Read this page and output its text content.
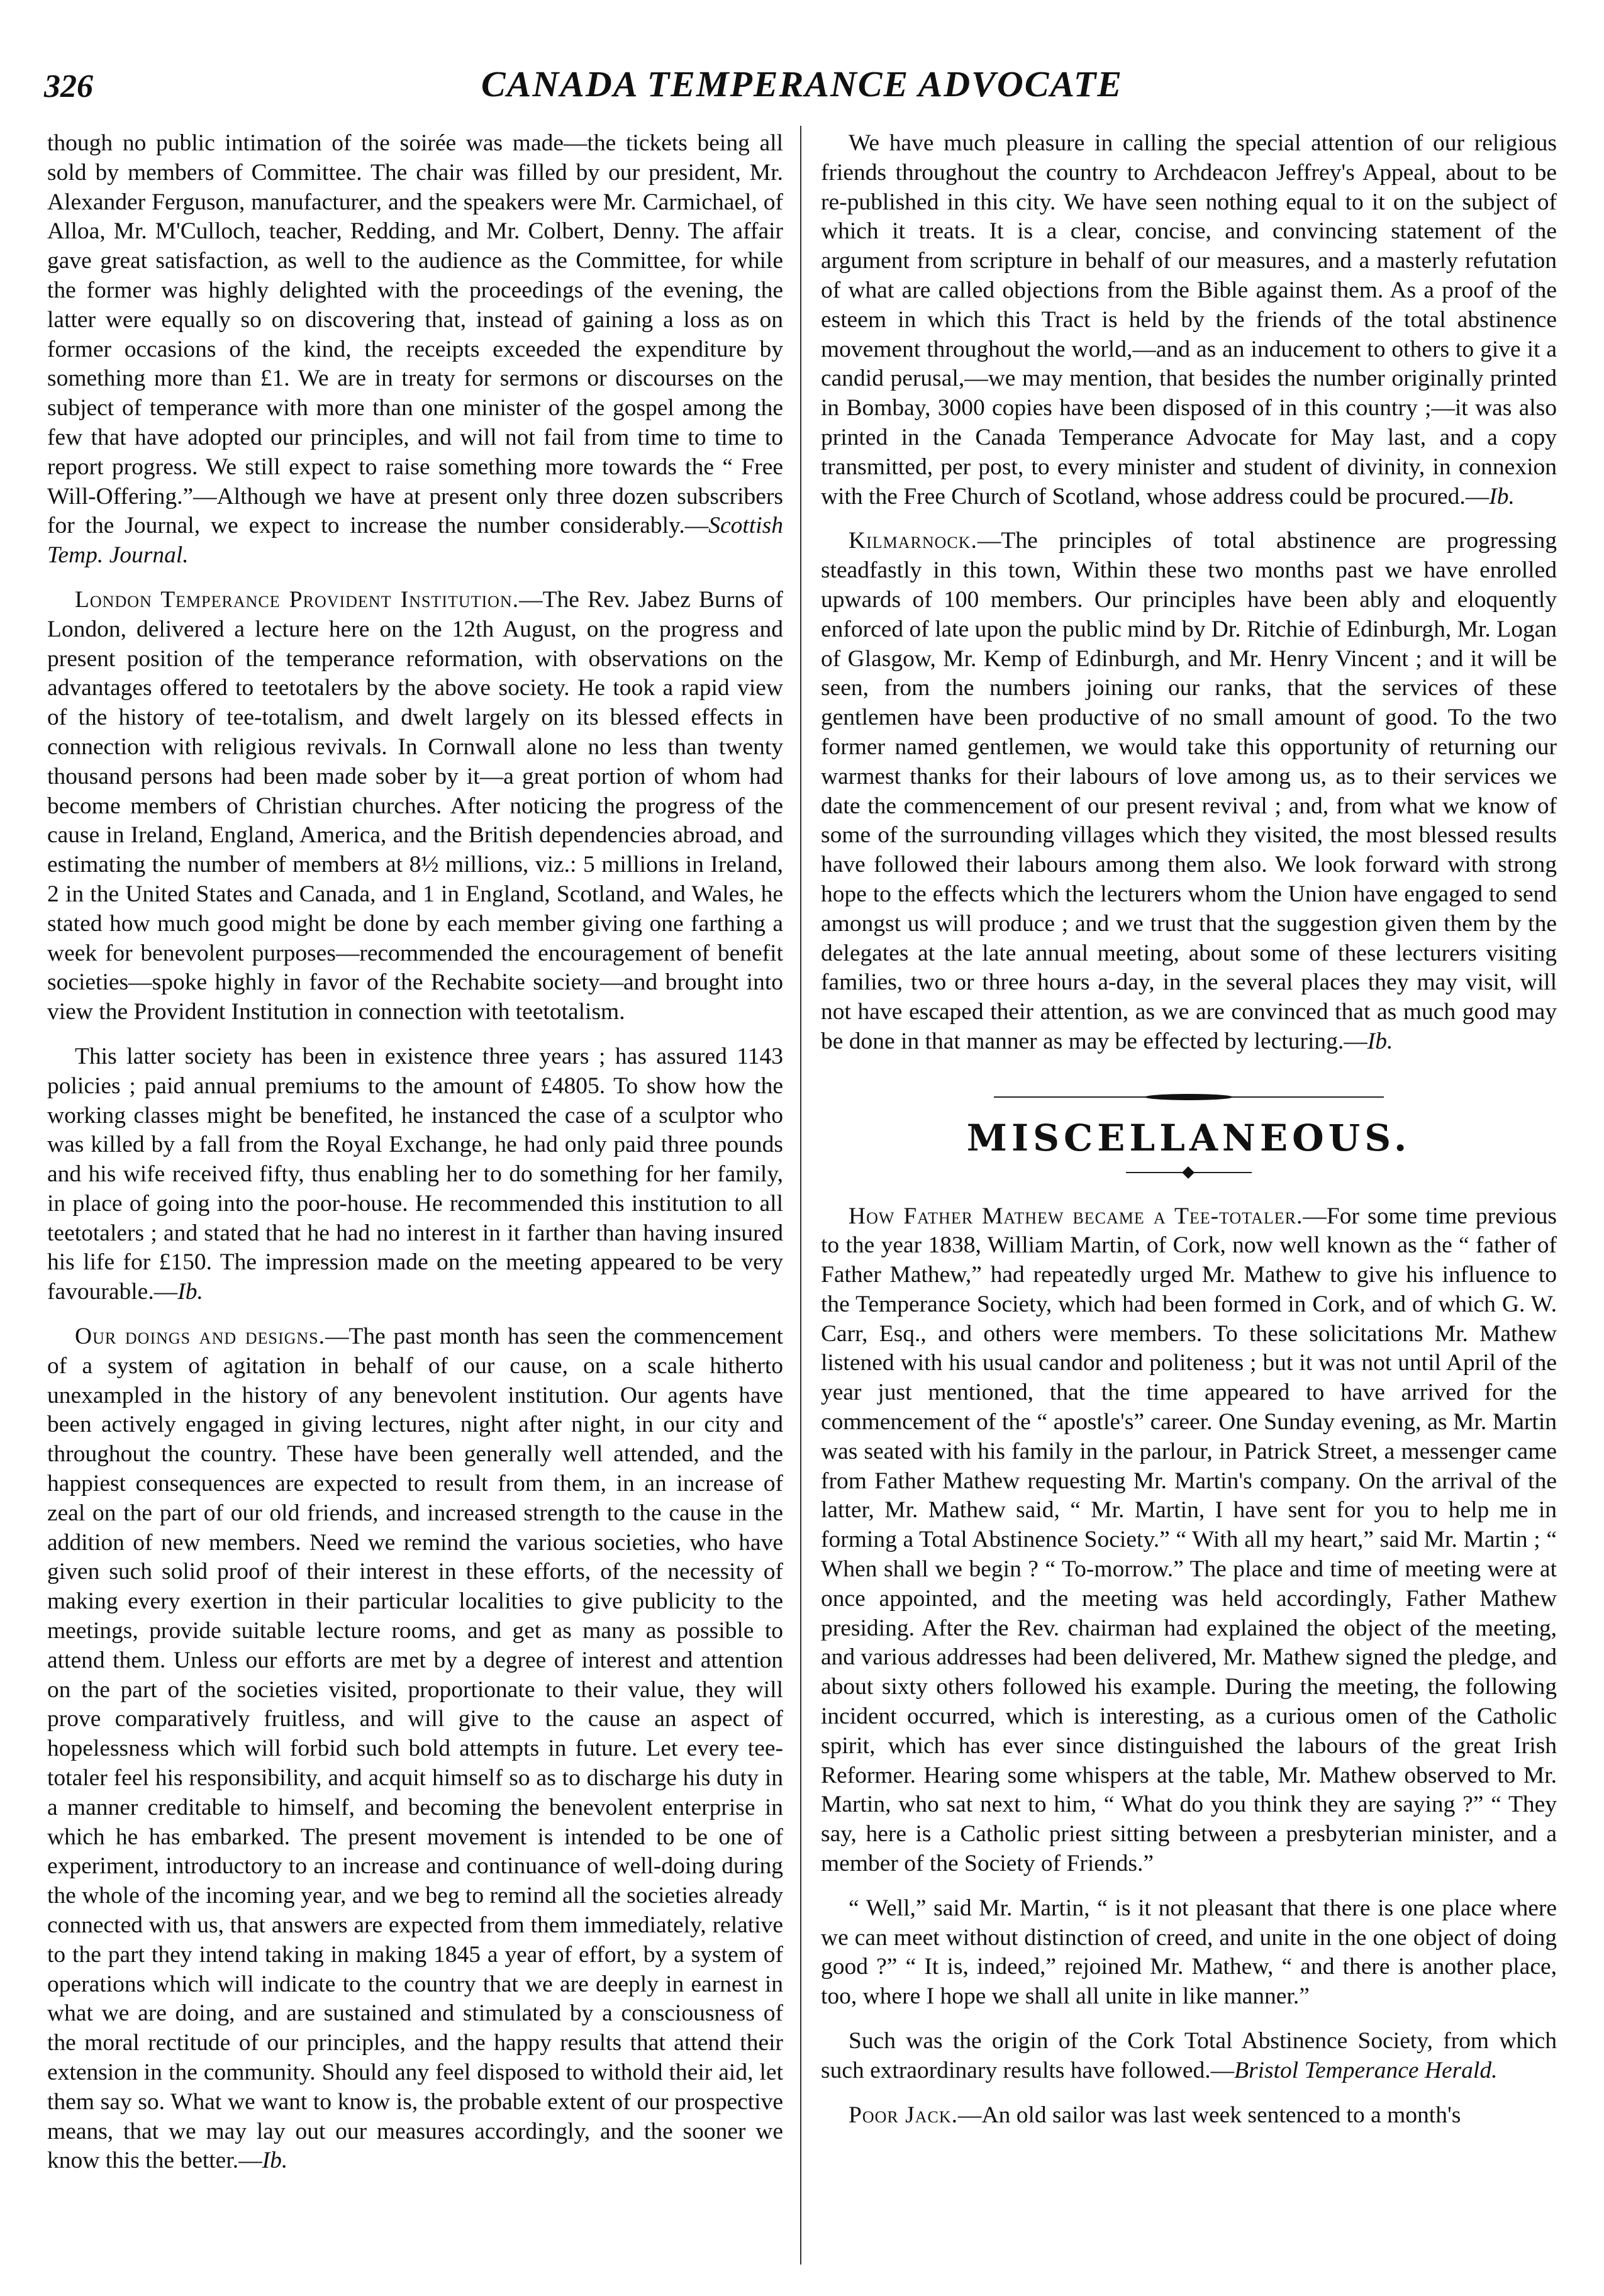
326	CANADA TEMPERANCE ADVOCATE

though no public intimation of the soirée was made—the tickets being all sold by members of Committee. The chair was filled by our president, Mr. Alexander Ferguson, manufacturer, and the speakers were Mr. Carmichael, of Alloa, Mr. M'Culloch, teacher, Redding, and Mr. Colbert, Denny. The affair gave great satisfaction, as well to the audience as the Committee, for while the former was highly delighted with the proceedings of the evening, the latter were equally so on discovering that, instead of gaining a loss as on former occasions of the kind, the receipts exceeded the expenditure by something more than £1. We are in treaty for sermons or discourses on the subject of temperance with more than one minister of the gospel among the few that have adopted our principles, and will not fail from time to time to report progress. We still expect to raise something more towards the “ Free Will-Offering.”—Although we have at present only three dozen subscribers for the Journal, we expect to increase the number considerably.—Scottish Temp. Journal.

London Temperance Provident Institution.—The Rev. Jabez Burns of London, delivered a lecture here on the 12th August, on the progress and present position of the temperance reformation, with observations on the advantages offered to teetotalers by the above society. He took a rapid view of the history of tee-totalism, and dwelt largely on its blessed effects in connection with religious revivals. In Cornwall alone no less than twenty thousand persons had been made sober by it—a great portion of whom had become members of Christian churches. After noticing the progress of the cause in Ireland, England, America, and the British dependencies abroad, and estimating the number of members at 8½ millions, viz.: 5 millions in Ireland, 2 in the United States and Canada, and 1 in England, Scotland, and Wales, he stated how much good might be done by each member giving one farthing a week for benevolent purposes—recommended the encouragement of benefit societies—spoke highly in favor of the Rechabite society—and brought into view the Provident Institution in connection with teetotalism.

This latter society has been in existence three years ; has assured 1143 policies ; paid annual premiums to the amount of £4805. To show how the working classes might be benefited, he instanced the case of a sculptor who was killed by a fall from the Royal Exchange, he had only paid three pounds and his wife received fifty, thus enabling her to do something for her family, in place of going into the poor-house. He recommended this institution to all teetotalers ; and stated that he had no interest in it farther than having insured his life for £150. The impression made on the meeting appeared to be very favourable.—Ib.

Our doings and designs.—The past month has seen the commencement of a system of agitation in behalf of our cause, on a scale hitherto unexampled in the history of any benevolent institution. Our agents have been actively engaged in giving lectures, night after night, in our city and throughout the country. These have been generally well attended, and the happiest consequences are expected to result from them, in an increase of zeal on the part of our old friends, and increased strength to the cause in the addition of new members. Need we remind the various societies, who have given such solid proof of their interest in these efforts, of the necessity of making every exertion in their particular localities to give publicity to the meetings, provide suitable lecture rooms, and get as many as possible to attend them. Unless our efforts are met by a degree of interest and attention on the part of the societies visited, proportionate to their value, they will prove comparatively fruitless, and will give to the cause an aspect of hopelessness which will forbid such bold attempts in future. Let every tee-totaler feel his responsibility, and acquit himself so as to discharge his duty in a manner creditable to himself, and becoming the benevolent enterprise in which he has embarked. The present movement is intended to be one of experiment, introductory to an increase and continuance of well-doing during the whole of the incoming year, and we beg to remind all the societies already connected with us, that answers are expected from them immediately, relative to the part they intend taking in making 1845 a year of effort, by a system of operations which will indicate to the country that we are deeply in earnest in what we are doing, and are sustained and stimulated by a consciousness of the moral rectitude of our principles, and the happy results that attend their extension in the community. Should any feel disposed to withold their aid, let them say so. What we want to know is, the probable extent of our prospective means, that we may lay out our measures accordingly, and the sooner we know this the better.—Ib.

We have much pleasure in calling the special attention of our religious friends throughout the country to Archdeacon Jeffrey's Appeal, about to be re-published in this city. We have seen nothing equal to it on the subject of which it treats. It is a clear, concise, and convincing statement of the argument from scripture in behalf of our measures, and a masterly refutation of what are called objections from the Bible against them. As a proof of the esteem in which this Tract is held by the friends of the total abstinence movement throughout the world,—and as an inducement to others to give it a candid perusal,—we may mention, that besides the number originally printed in Bombay, 3000 copies have been disposed of in this country ;—it was also printed in the Canada Temperance Advocate for May last, and a copy transmitted, per post, to every minister and student of divinity, in connexion with the Free Church of Scotland, whose address could be procured.—Ib.

Kilmarnock.—The principles of total abstinence are progressing steadfastly in this town, Within these two months past we have enrolled upwards of 100 members. Our principles have been ably and eloquently enforced of late upon the public mind by Dr. Ritchie of Edinburgh, Mr. Logan of Glasgow, Mr. Kemp of Edinburgh, and Mr. Henry Vincent ; and it will be seen, from the numbers joining our ranks, that the services of these gentlemen have been productive of no small amount of good. To the two former named gentlemen, we would take this opportunity of returning our warmest thanks for their labours of love among us, as to their services we date the commencement of our present revival ; and, from what we know of some of the surrounding villages which they visited, the most blessed results have followed their labours among them also. We look forward with strong hope to the effects which the lecturers whom the Union have engaged to send amongst us will produce ; and we trust that the suggestion given them by the delegates at the late annual meeting, about some of these lecturers visiting families, two or three hours a-day, in the several places they may visit, will not have escaped their attention, as we are convinced that as much good may be done in that manner as may be effected by lecturing.—Ib.

MISCELLANEOUS.

How Father Mathew became a Tee-totaler.—For some time previous to the year 1838, William Martin, of Cork, now well known as the “ father of Father Mathew,” had repeatedly urged Mr. Mathew to give his influence to the Temperance Society, which had been formed in Cork, and of which G. W. Carr, Esq., and others were members. To these solicitations Mr. Mathew listened with his usual candor and politeness ; but it was not until April of the year just mentioned, that the time appeared to have arrived for the commencement of the “ apostle's” career. One Sunday evening, as Mr. Martin was seated with his family in the parlour, in Patrick Street, a messenger came from Father Mathew requesting Mr. Martin's company. On the arrival of the latter, Mr. Mathew said, “ Mr. Martin, I have sent for you to help me in forming a Total Abstinence Society.” “ With all my heart,” said Mr. Martin ; “ When shall we begin ? “ To-morrow.” The place and time of meeting were at once appointed, and the meeting was held accordingly, Father Mathew presiding. After the Rev. chairman had explained the object of the meeting, and various addresses had been delivered, Mr. Mathew signed the pledge, and about sixty others followed his example. During the meeting, the following incident occurred, which is interesting, as a curious omen of the Catholic spirit, which has ever since distinguished the labours of the great Irish Reformer. Hearing some whispers at the table, Mr. Mathew observed to Mr. Martin, who sat next to him, “ What do you think they are saying ?” “ They say, here is a Catholic priest sitting between a presbyterian minister, and a member of the Society of Friends.”

“ Well,” said Mr. Martin, “ is it not pleasant that there is one place where we can meet without distinction of creed, and unite in the one object of doing good ?” “ It is, indeed,” rejoined Mr. Mathew, “ and there is another place, too, where I hope we shall all unite in like manner.”

Such was the origin of the Cork Total Abstinence Society, from which such extraordinary results have followed.—Bristol Temperance Herald.

Poor Jack.—An old sailor was last week sentenced to a month's
